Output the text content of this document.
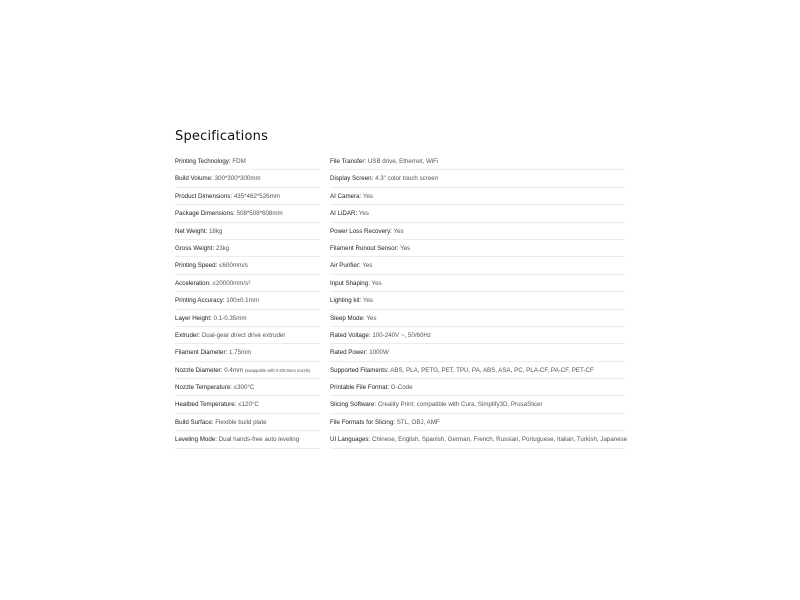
Specifications
Printing Technology: FDM
Build Volume: 300*300*300mm
Product Dimensions: 435*462*526mm
Package Dimensions: 508*508*608mm
Net Weight: 18kg
Gross Weight: 23kg
Printing Speed: ≤600mm/s
Acceleration: ≤20000mm/s²
Printing Accuracy: 100±0.1mm
Layer Height: 0.1-0.35mm
Extruder: Dual-gear direct drive extruder
Filament Diameter: 1.75mm
Nozzle Diameter: 0.4mm (swappable with 0.6/0.8mm nozzle)
Nozzle Temperature: ≤300°C
Heatbed Temperature: ≤120°C
Build Surface: Flexible build plate
Leveling Mode: Dual hands-free auto leveling
File Transfer: USB drive, Ethernet, WiFi
Display Screen: 4.3" color touch screen
AI Camera: Yes
AI LiDAR: Yes
Power Loss Recovery: Yes
Filament Runout Sensor: Yes
Air Purifier: Yes
Input Shaping: Yes
Lighting kit: Yes
Sleep Mode: Yes
Rated Voltage: 100-240V ~, 50/60Hz
Rated Power: 1000W
Supported Filaments: ABS, PLA, PETG, PET, TPU, PA, ABS, ASA, PC, PLA-CF, PA-CF, PET-CF
Printable File Format: G-Code
Slicing Software: Creality Print; compatible with Cura, Simplify3D, PrusaSlicer
File Formats for Slicing: STL, OBJ, AMF
UI Languages: Chinese, English, Spanish, German, French, Russian, Portuguese, Italian, Turkish, Japanese
